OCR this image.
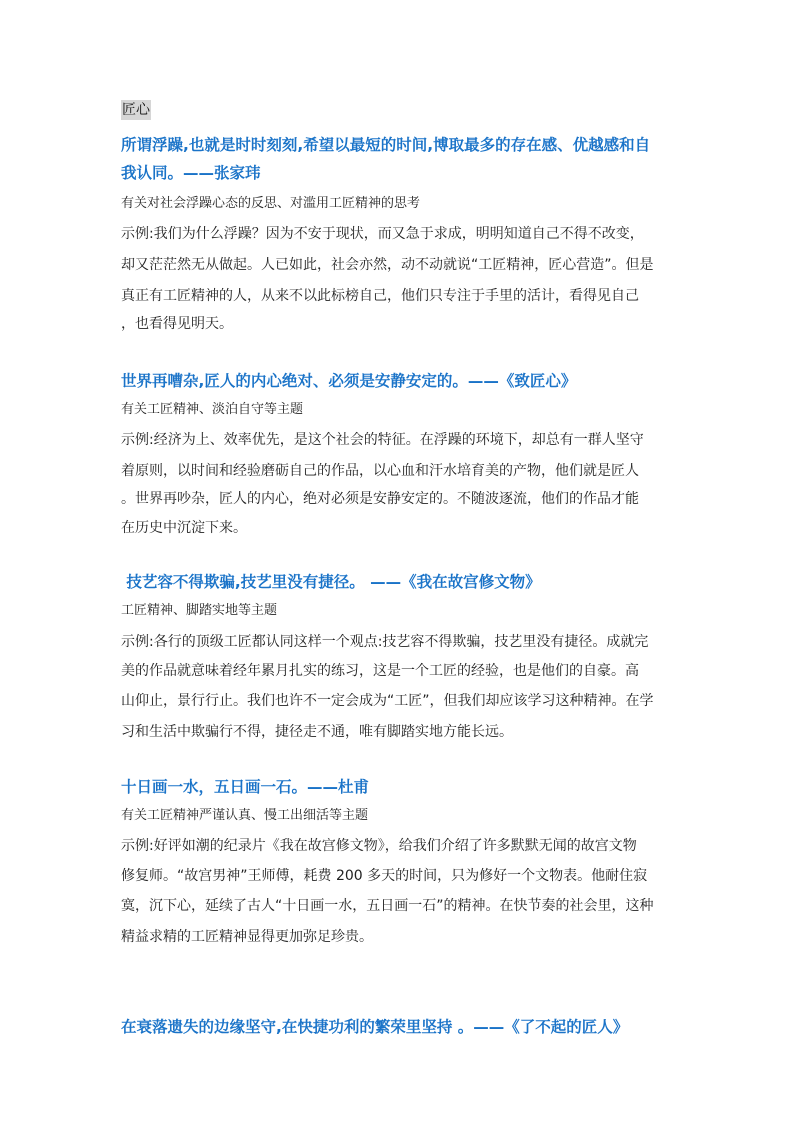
匠心
所谓浮躁,也就是时时刻刻,希望以最短的时间,博取最多的存在感、优越感和自
我认同。——张家玮
有关对社会浮躁心态的反思、对滥用工匠精神的思考
示例:我们为什么浮躁？因为不安于现状，而又急于求成，明明知道自己不得不改变，
却又茫茫然无从做起。人已如此，社会亦然，动不动就说“工匠精神，匠心营造”。但是
真正有工匠精神的人，从来不以此标榜自己，他们只专注于手里的活计，看得见自己
，也看得见明天。
世界再嘈杂,匠人的内心绝对、必须是安静安定的。——《致匠心》
有关工匠精神、淡泊自守等主题
示例:经济为上、效率优先，是这个社会的特征。在浮躁的环境下，却总有一群人坚守
着原则，以时间和经验磨砺自己的作品，以心血和汗水培育美的产物，他们就是匠人
。世界再吵杂，匠人的内心，绝对必须是安静安定的。不随波逐流，他们的作品才能
在历史中沉淀下来。
技艺容不得欺骗,技艺里没有捷径。 ——《我在故宫修文物》
工匠精神、脚踏实地等主题
示例:各行的顶级工匠都认同这样一个观点:技艺容不得欺骗，技艺里没有捷径。成就完
美的作品就意味着经年累月扎实的练习，这是一个工匠的经验，也是他们的自豪。高
山仰止，景行行止。我们也许不一定会成为“工匠”，但我们却应该学习这种精神。在学
习和生活中欺骗行不得，捷径走不通，唯有脚踏实地方能长远。
十日画一水，五日画一石。——杜甫
有关工匠精神严谨认真、慢工出细活等主题
示例:好评如潮的纪录片《我在故宫修文物》，给我们介绍了许多默默无闻的故宫文物
修复师。“故宫男神”王师傅，耗费 200 多天的时间，只为修好一个文物表。他耐住寂
寞，沉下心，延续了古人“十日画一水，五日画一石”的精神。在快节奏的社会里，这种
精益求精的工匠精神显得更加弥足珍贵。
在衰落遗失的边缘坚守,在快捷功利的繁荣里坚持 。——《了不起的匠人》
